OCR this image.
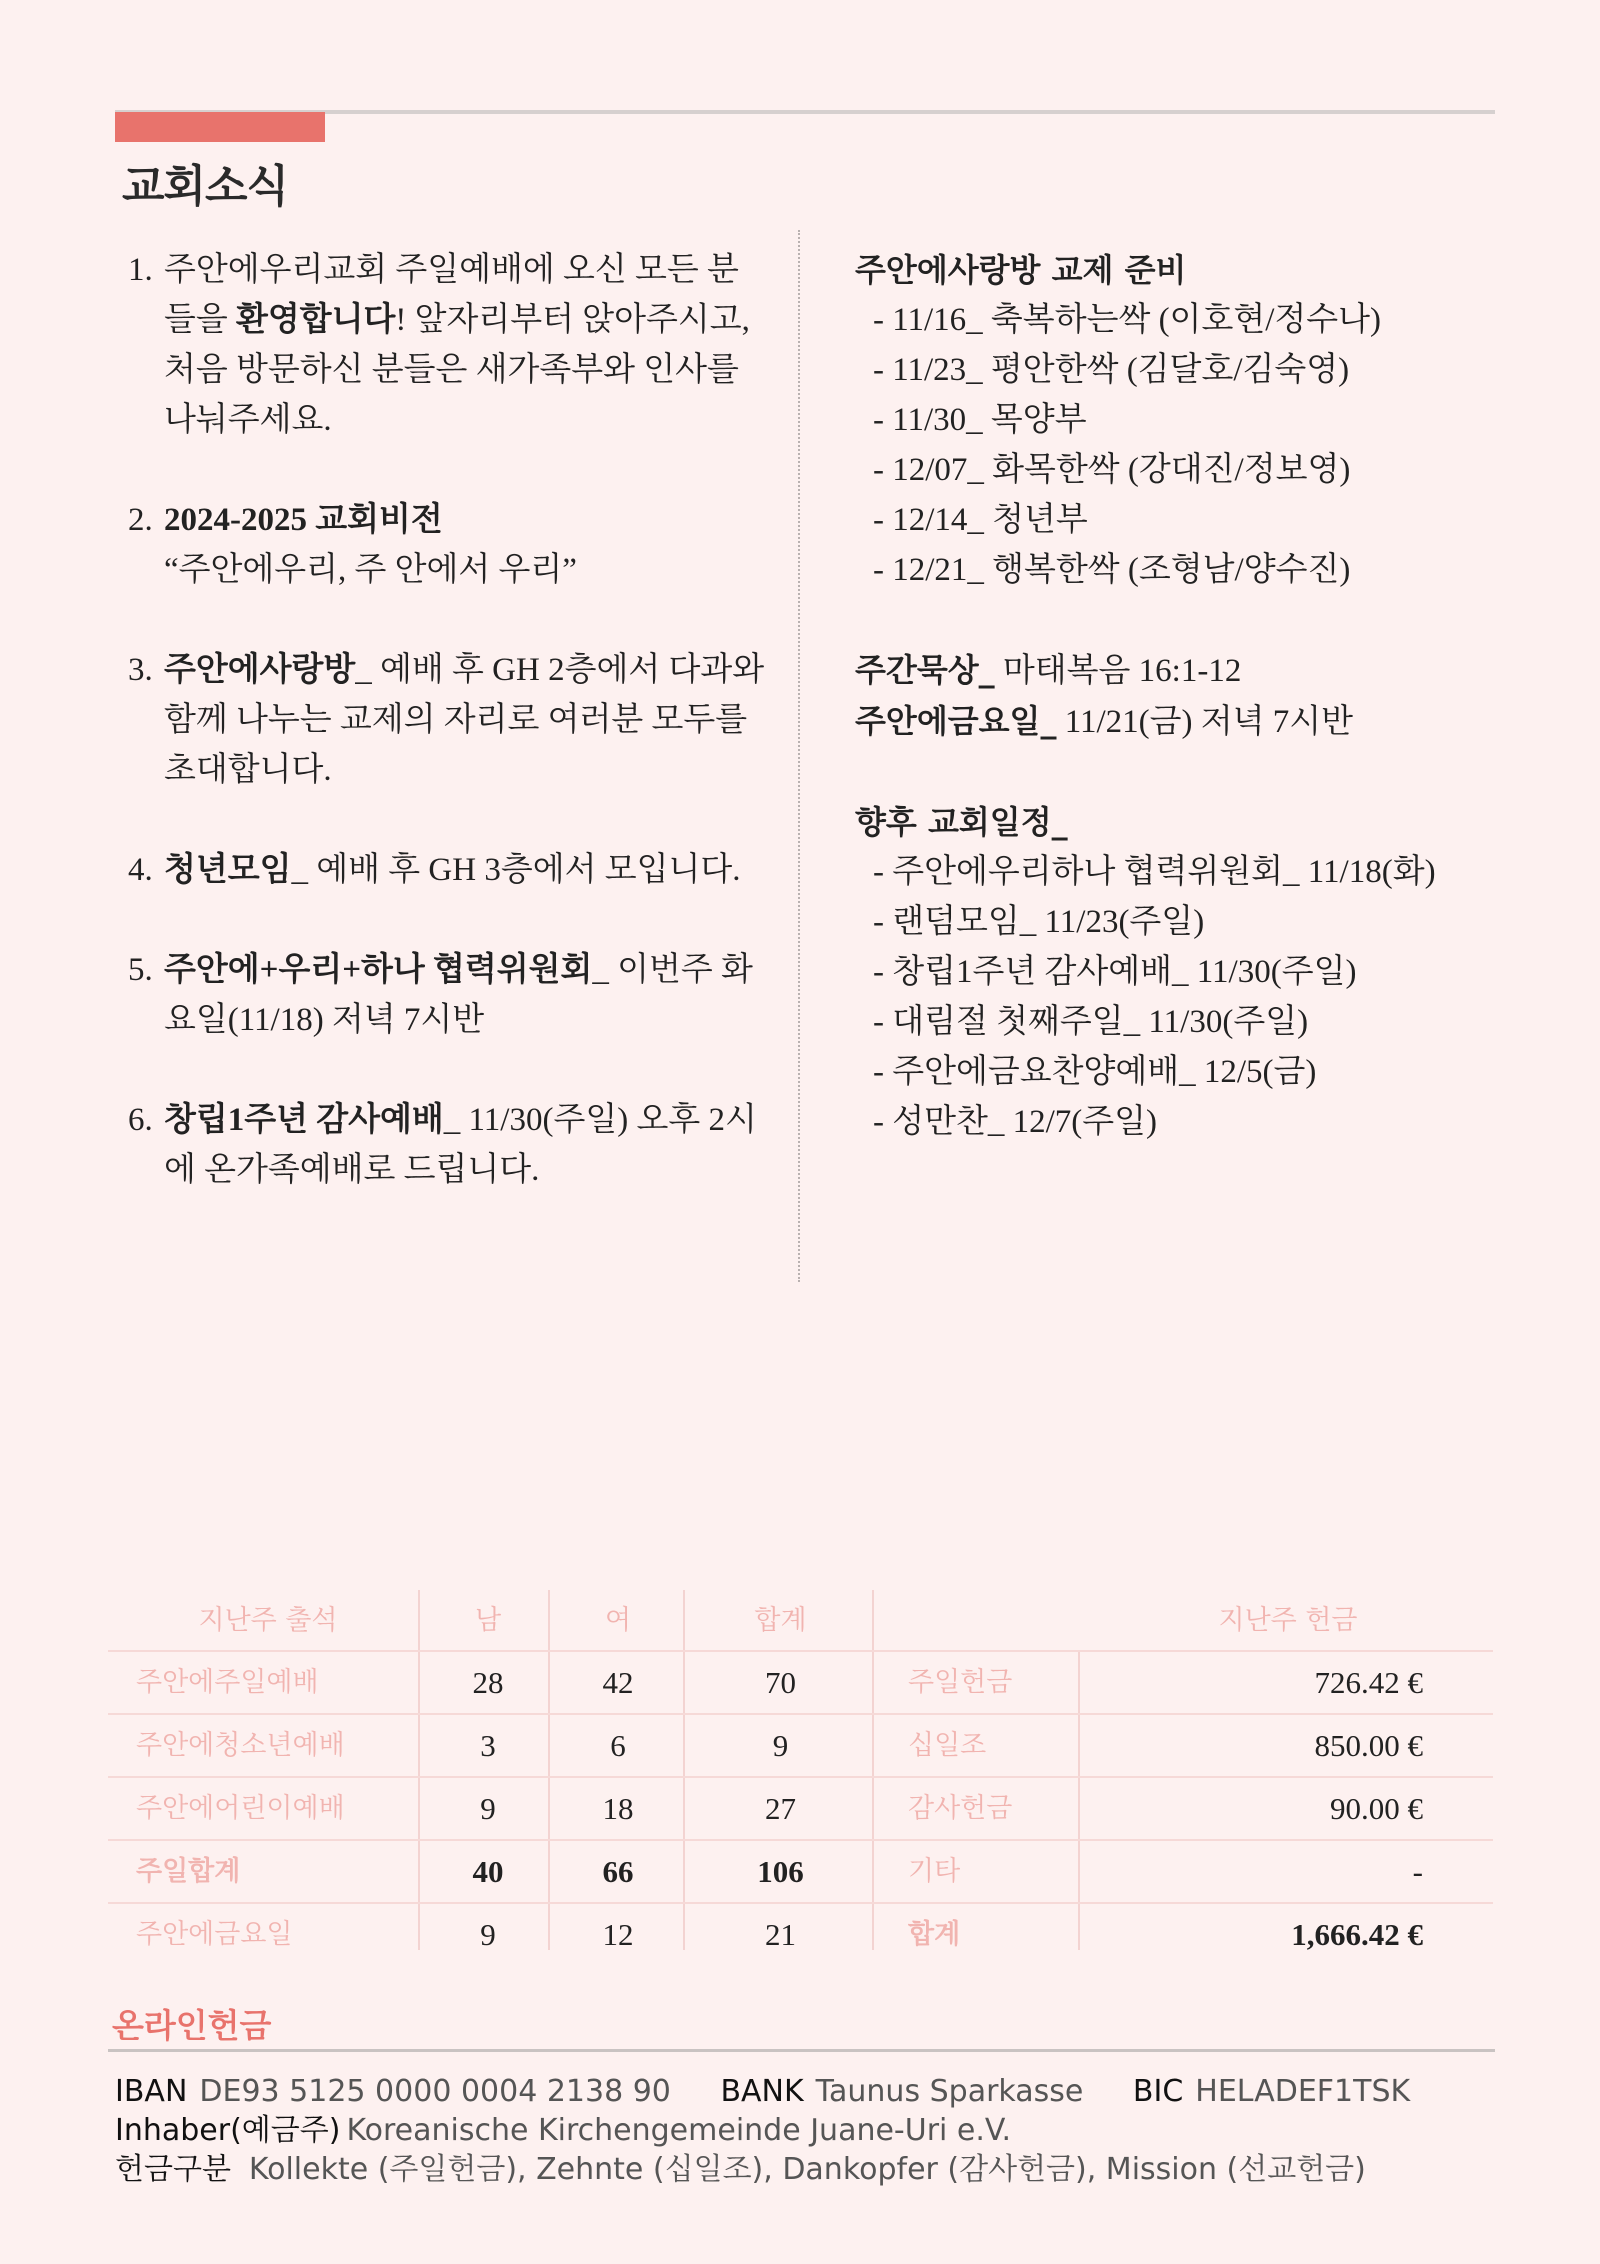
교회소식
1. 주안에우리교회 주일예배에 오신 모든 분들을 환영합니다! 앞자리부터 앉아주시고, 처음 방문하신 분들은 새가족부와 인사를 나눠주세요.
2. 2024-2025 교회비전
“주안에우리, 주 안에서 우리”
3. 주안에사랑방_ 예배 후 GH 2층에서 다과와 함께 나누는 교제의 자리로 여러분 모두를 초대합니다.
4. 청년모임_ 예배 후 GH 3층에서 모입니다.
5. 주안에+우리+하나 협력위원회_ 이번주 화요일(11/18) 저녁 7시반
6. 창립1주년 감사예배_ 11/30(주일) 오후 2시에 온가족예배로 드립니다.
주안에사랑방 교제 준비
- 11/16_ 축복하는싹 (이호현/정수나)
- 11/23_ 평안한싹 (김달호/김숙영)
- 11/30_ 목양부
- 12/07_ 화목한싹 (강대진/정보영)
- 12/14_ 청년부
- 12/21_ 행복한싹 (조형남/양수진)
주간묵상_ 마태복음 16:1-12
주안에금요일_ 11/21(금) 저녁 7시반
향후 교회일정_
- 주안에우리하나 협력위원회_ 11/18(화)
- 랜덤모임_ 11/23(주일)
- 창립1주년 감사예배_ 11/30(주일)
- 대림절 첫째주일_ 11/30(주일)
- 주안에금요찬양예배_ 12/5(금)
- 성만찬_ 12/7(주일)
지난주 출석	남	여	합계	지난주 헌금
주안에주일예배	28	42	70	주일헌금	726.42 €
주안에청소년예배	3	6	9	십일조	850.00 €
주안에어린이예배	9	18	27	감사헌금	90.00 €
주일합계	40	66	106	기타	-
주안에금요일	9	12	21	합계	1,666.42 €
온라인헌금
IBAN DE93 5125 0000 0004 2138 90 BANK Taunus Sparkasse BIC HELADEF1TSK
Inhaber(예금주) Koreanische Kirchengemeinde Juane-Uri e.V.
헌금구분 Kollekte (주일헌금), Zehnte (십일조), Dankopfer (감사헌금), Mission (선교헌금)
